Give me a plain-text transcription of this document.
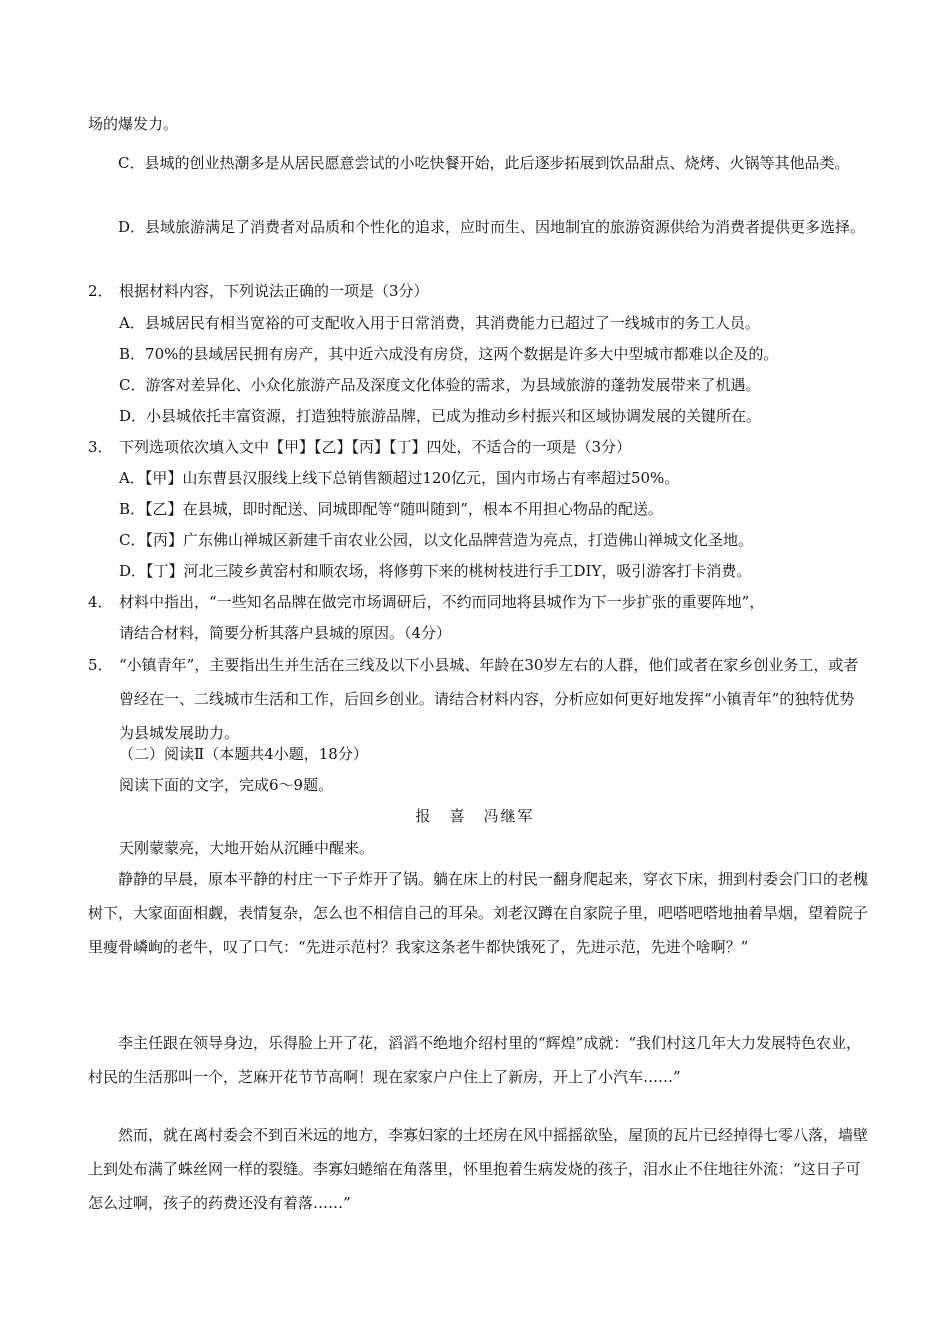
场的爆发力。
C．县城的创业热潮多是从居民愿意尝试的小吃快餐开始，此后逐步拓展到饮品甜点、烧烤、火锅等其他品类。
D．县域旅游满足了消费者对品质和个性化的追求，应时而生、因地制宜的旅游资源供给为消费者提供更多选择。
2． 根据材料内容，下列说法正确的一项是（3分）
A．县城居民有相当宽裕的可支配收入用于日常消费，其消费能力已超过了一线城市的务工人员。
B．70%的县域居民拥有房产，其中近六成没有房贷，这两个数据是许多大中型城市都难以企及的。
C．游客对差异化、小众化旅游产品及深度文化体验的需求，为县域旅游的蓬勃发展带来了机遇。
D．小县城依托丰富资源，打造独特旅游品牌，已成为推动乡村振兴和区域协调发展的关键所在。
3． 下列选项依次填入文中【甲】【乙】【丙】【丁】四处，不适合的一项是（3分）
A．【甲】山东曹县汉服线上线下总销售额超过120亿元，国内市场占有率超过50%。
B．【乙】在县城，即时配送、同城即配等“随叫随到”，根本不用担心物品的配送。
C．【丙】广东佛山禅城区新建千亩农业公园，以文化品牌营造为亮点，打造佛山禅城文化圣地。
D．【丁】河北三陵乡黄窑村和顺农场，将修剪下来的桃树枝进行手工DIY，吸引游客打卡消费。
4． 材料中指出，“一些知名品牌在做完市场调研后，不约而同地将县城作为下一步扩张的重要阵地”，
请结合材料，简要分析其落户县城的原因。（4分）
5． “小镇青年”，主要指出生并生活在三线及以下小县城、年龄在30岁左右的人群，他们或者在家乡创业务工，或者曾经在一、二线城市生活和工作，后回乡创业。请结合材料内容，分析应如何更好地发挥“小镇青年”的独特优势为县城发展助力。
（二）阅读Ⅱ（本题共4小题，18分）
阅读下面的文字，完成6～9题。
报　喜　冯继军
天刚蒙蒙亮，大地开始从沉睡中醒来。
静静的早晨，原本平静的村庄一下子炸开了锅。躺在床上的村民一翻身爬起来，穿衣下床，拥到村委会门口的老槐树下，大家面面相觑，表情复杂，怎么也不相信自己的耳朵。刘老汉蹲在自家院子里，吧嗒吧嗒地抽着旱烟，望着院子里瘦骨嶙峋的老牛，叹了口气：“先进示范村？我家这条老牛都快饿死了，先进示范，先进个啥啊？”
李主任跟在领导身边，乐得脸上开了花，滔滔不绝地介绍村里的“辉煌”成就：“我们村这几年大力发展特色农业，村民的生活那叫一个，芝麻开花节节高啊！现在家家户户住上了新房，开上了小汽车……”
然而，就在离村委会不到百米远的地方，李寡妇家的土坯房在风中摇摇欲坠，屋顶的瓦片已经掉得七零八落，墙壁上到处布满了蛛丝网一样的裂缝。李寡妇蜷缩在角落里，怀里抱着生病发烧的孩子，泪水止不住地往外流：“这日子可怎么过啊，孩子的药费还没有着落……”
